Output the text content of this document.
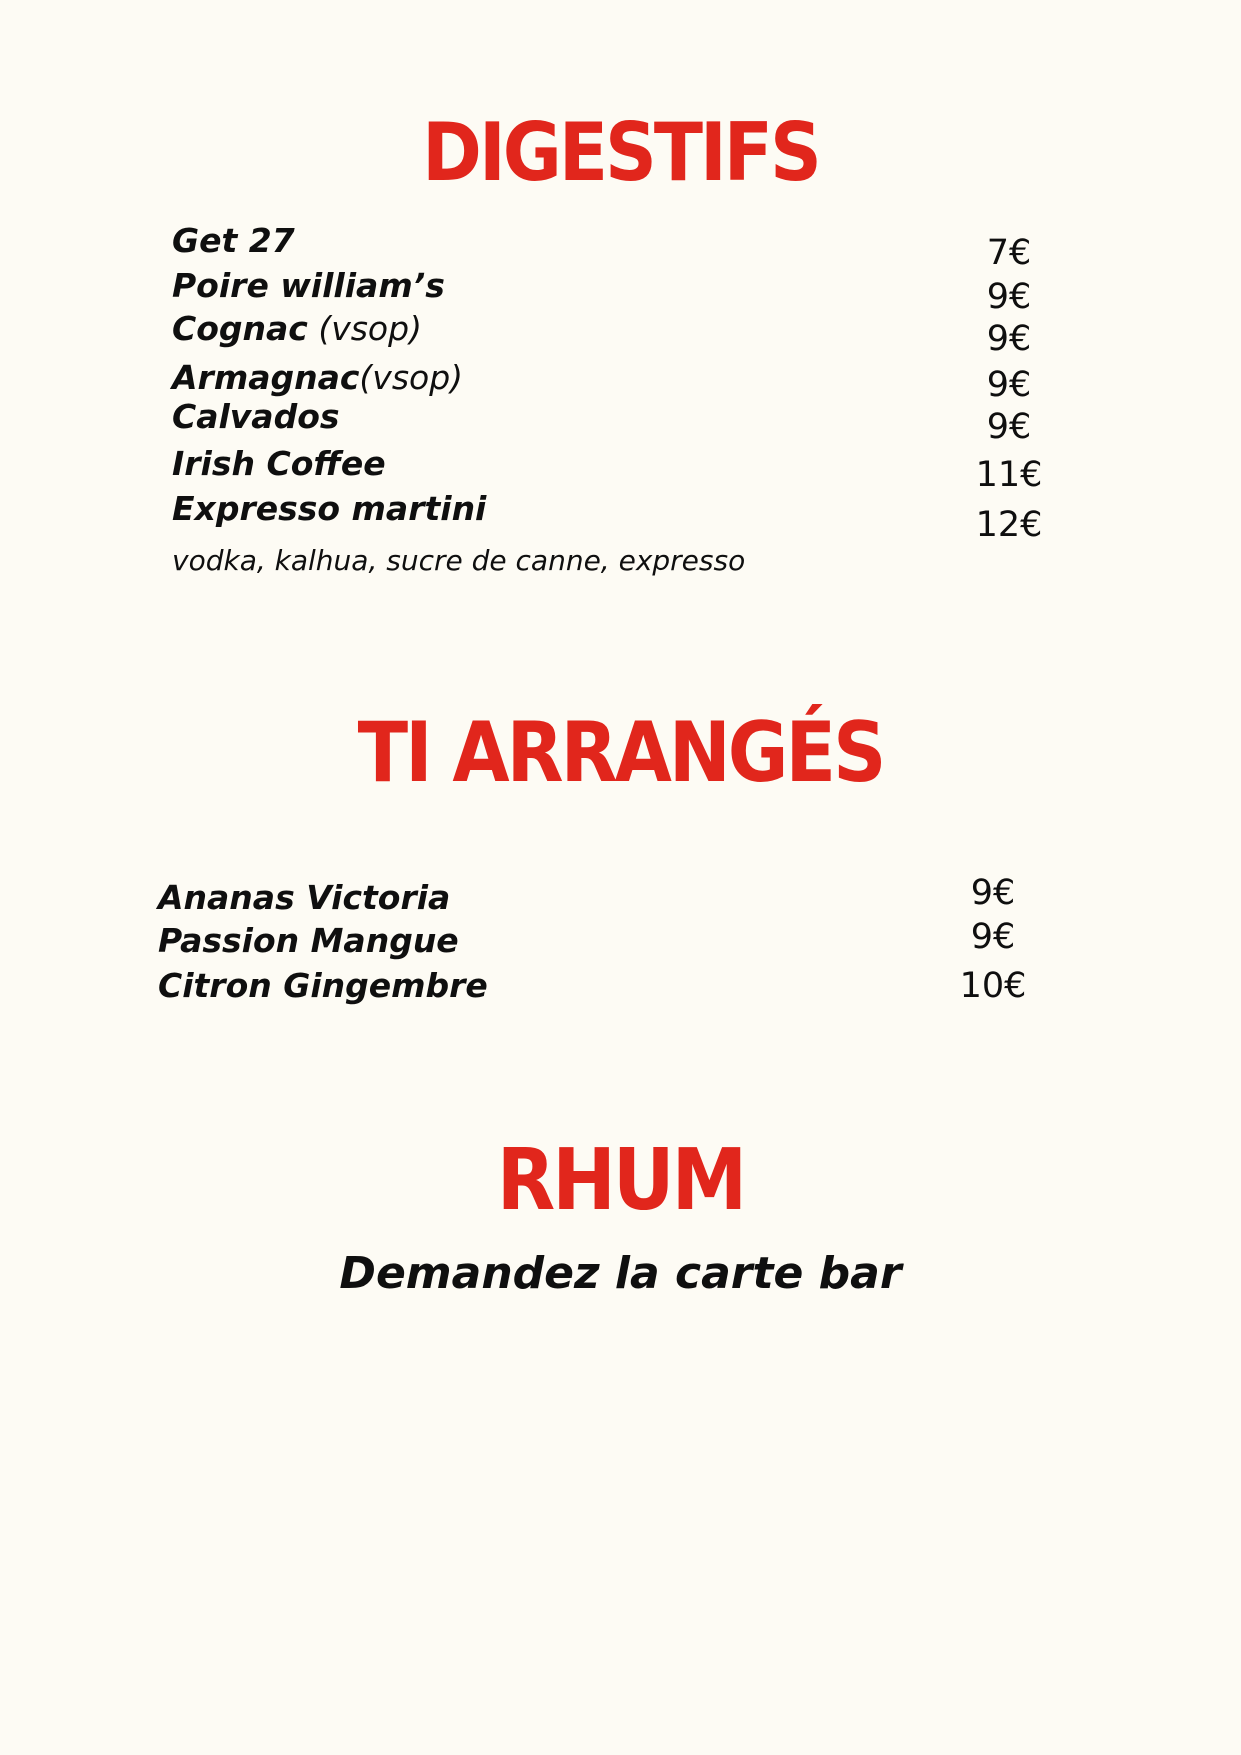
DIGESTIFS
Get 27
Poire william’s
Cognac (vsop)
Armagnac(vsop)
Calvados
Irish Coffee
Expresso martini
vodka, kalhua, sucre de canne, expresso
7€
9€
9€
9€
9€
11€
12€
TI ARRANGÉS
Ananas Victoria
Passion Mangue
Citron Gingembre
9€
9€
10€
RHUM
Demandez la carte bar
